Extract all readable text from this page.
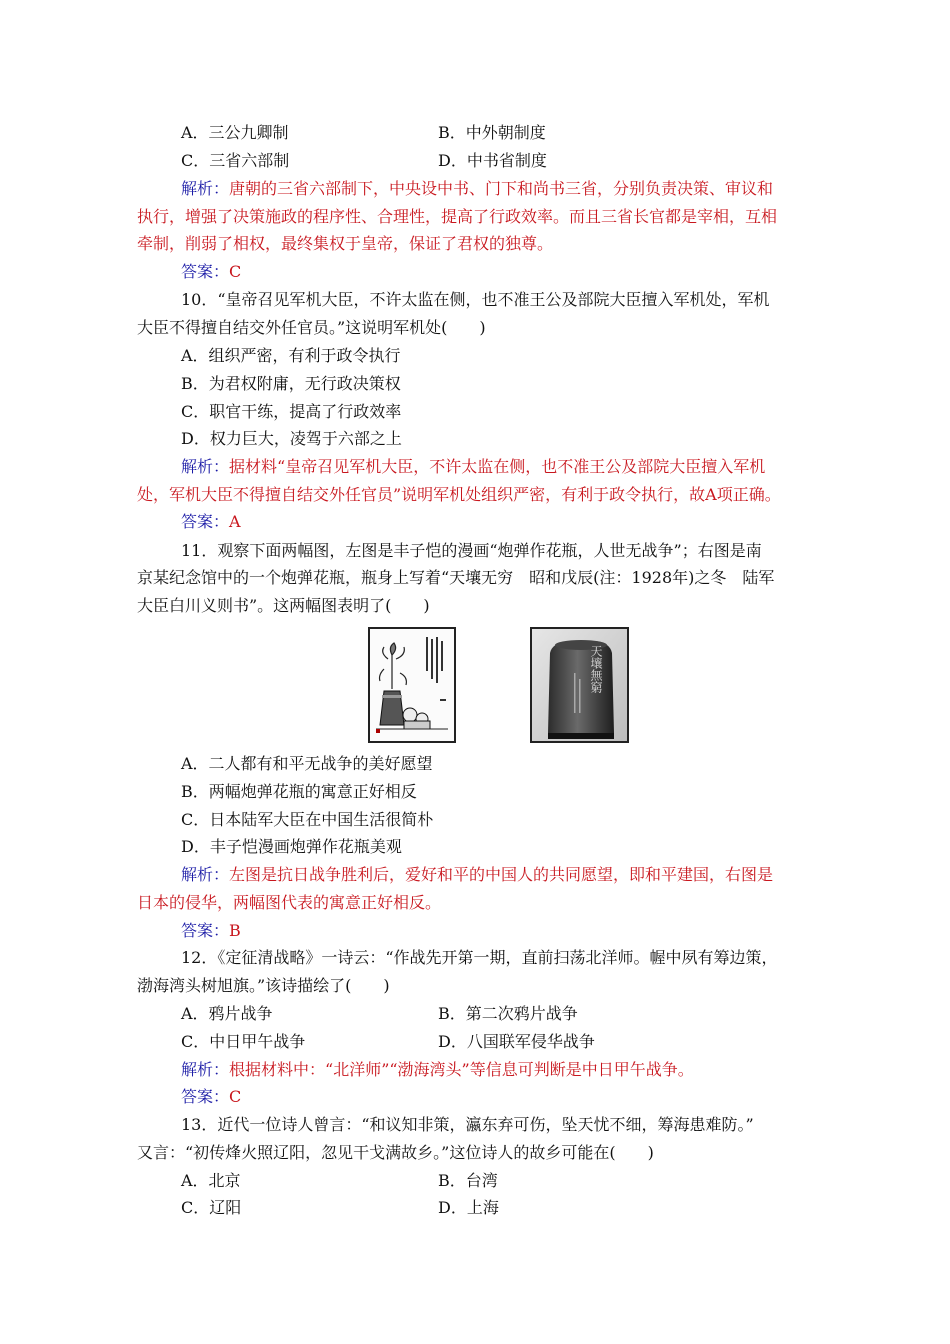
A．三公九卿制	B．中外朝制度
C．三省六部制	D．中书省制度
解析：唐朝的三省六部制下，中央设中书、门下和尚书三省，分别负责决策、审议和
执行，增强了决策施政的程序性、合理性，提高了行政效率。而且三省长官都是宰相，互相
牵制，削弱了相权，最终集权于皇帝，保证了君权的独尊。
答案：C
10．“皇帝召见军机大臣，不许太监在侧，也不准王公及部院大臣擅入军机处，军机
大臣不得擅自结交外任官员。”这说明军机处(　　)
A．组织严密，有利于政令执行
B．为君权附庸，无行政决策权
C．职官干练，提高了行政效率
D．权力巨大，凌驾于六部之上
解析：据材料“皇帝召见军机大臣，不许太监在侧，也不准王公及部院大臣擅入军机
处，军机大臣不得擅自结交外任官员”说明军机处组织严密，有利于政令执行，故A项正确。
答案：A
11．观察下面两幅图，左图是丰子恺的漫画“炮弹作花瓶，人世无战争”；右图是南
京某纪念馆中的一个炮弹花瓶，瓶身上写着“天壤无穷　昭和戊辰(注：1928年)之冬　陆军
大臣白川义则书”。这两幅图表明了(　　)
天壤無窮
A．二人都有和平无战争的美好愿望
B．两幅炮弹花瓶的寓意正好相反
C．日本陆军大臣在中国生活很简朴
D．丰子恺漫画炮弹作花瓶美观
解析：左图是抗日战争胜利后，爱好和平的中国人的共同愿望，即和平建国，右图是
日本的侵华，两幅图代表的寓意正好相反。
答案：B
12．《定征清战略》一诗云：“作战先开第一期，直前扫荡北洋师。幄中夙有筹边策，
渤海湾头树旭旗。”该诗描绘了(　　)
A．鸦片战争	B．第二次鸦片战争
C．中日甲午战争	D．八国联军侵华战争
解析：根据材料中：“北洋师”“渤海湾头”等信息可判断是中日甲午战争。
答案：C
13．近代一位诗人曾言：“和议知非策，瀛东弃可伤，坠天忧不细，筹海患难防。”
又言：“初传烽火照辽阳，忽见干戈满故乡。”这位诗人的故乡可能在(　　)
A．北京	B．台湾
C．辽阳	D．上海
